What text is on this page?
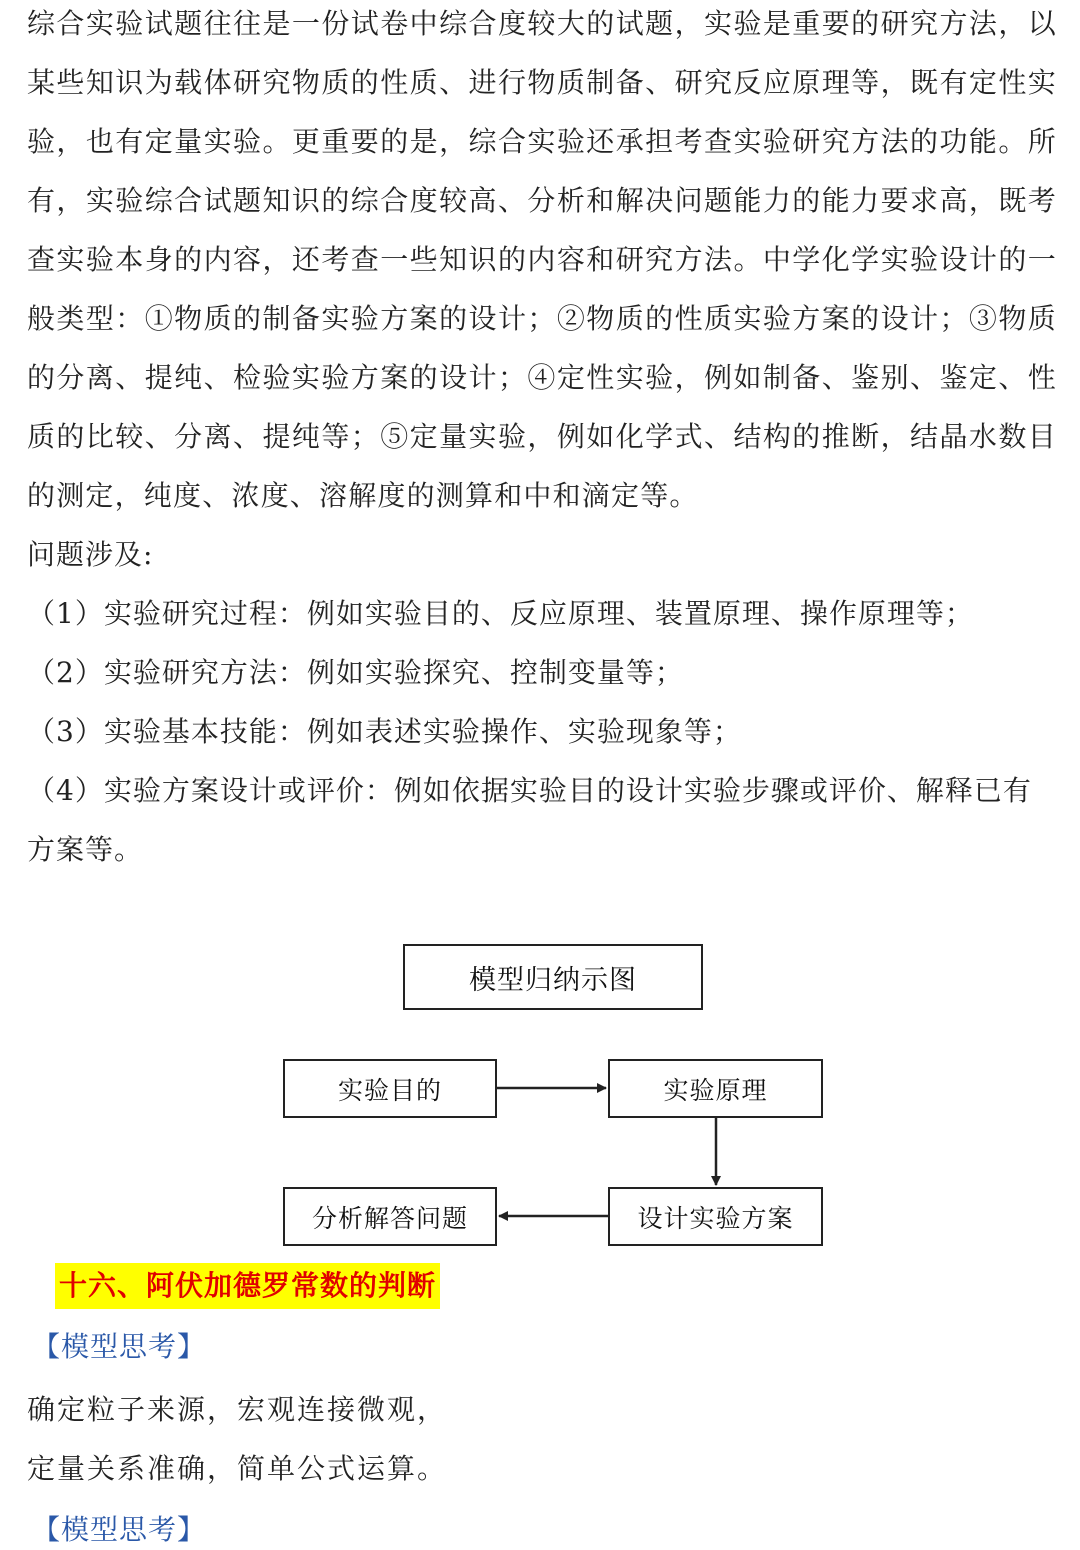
综合实验试题往往是一份试卷中综合度较大的试题，实验是重要的研究方法，以某些知识为载体研究物质的性质、进行物质制备、研究反应原理等，既有定性实验，也有定量实验。更重要的是，综合实验还承担考查实验研究方法的功能。所有，实验综合试题知识的综合度较高、分析和解决问题能力的能力要求高，既考查实验本身的内容，还考查一些知识的内容和研究方法。中学化学实验设计的一般类型：①物质的制备实验方案的设计；②物质的性质实验方案的设计；③物质的分离、提纯、检验实验方案的设计；④定性实验，例如制备、鉴别、鉴定、性质的比较、分离、提纯等；⑤定量实验，例如化学式、结构的推断，结晶水数目的测定，纯度、浓度、溶解度的测算和中和滴定等。

问题涉及:
（1）实验研究过程：例如实验目的、反应原理、装置原理、操作原理等；
（2）实验研究方法：例如实验探究、控制变量等；
（3）实验基本技能：例如表述实验操作、实验现象等；
（4）实验方案设计或评价：例如依据实验目的设计实验步骤或评价、解释已有方案等。
模型归纳示图
实验目的	实验原理
设计实验方案
分析解答问题
十六、阿伏加德罗常数的判断
【模型思考】
确定粒子来源，宏观连接微观，
定量关系准确，简单公式运算。
【模型思考】
